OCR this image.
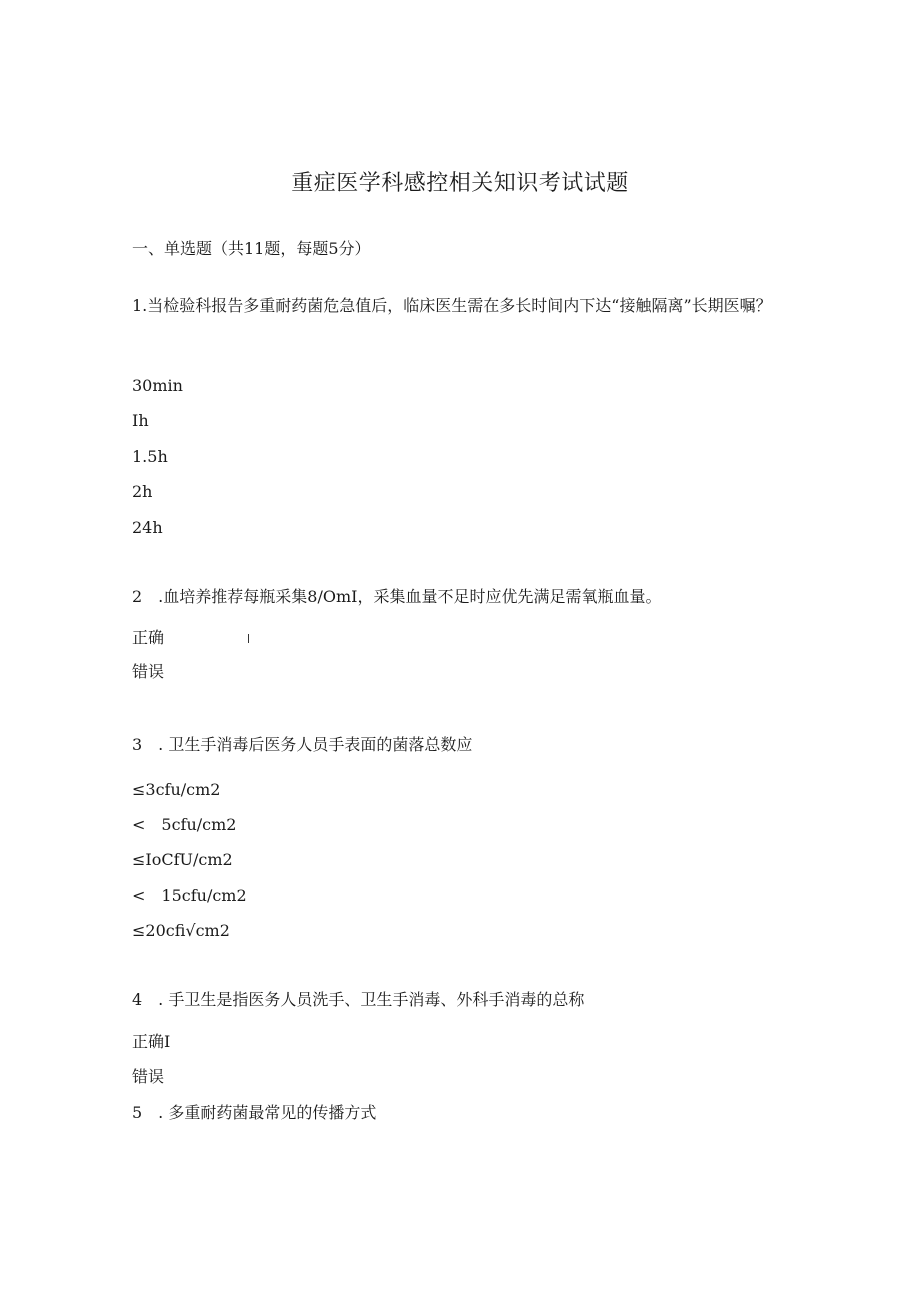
重症医学科感控相关知识考试试题
一、单选题（共11题，每题5分）
1.当检验科报告多重耐药菌危急值后，临床医生需在多长时间内下达“接触隔离”长期医嘱？
30min
Ih
1.5h
2h
24h
2　.血培养推荐每瓶采集8/OmI，采集血量不足时应优先满足需氧瓶血量。
正确
错误
3　. 卫生手消毒后医务人员手表面的菌落总数应
≤3cfu∕cm2
<　5cfu∕cm2
≤IoCfU/cm2
<　15cfu∕cm2
≤20cfi√cm2
4　. 手卫生是指医务人员洗手、卫生手消毒、外科手消毒的总称
正确I
错误
5　. 多重耐药菌最常见的传播方式
